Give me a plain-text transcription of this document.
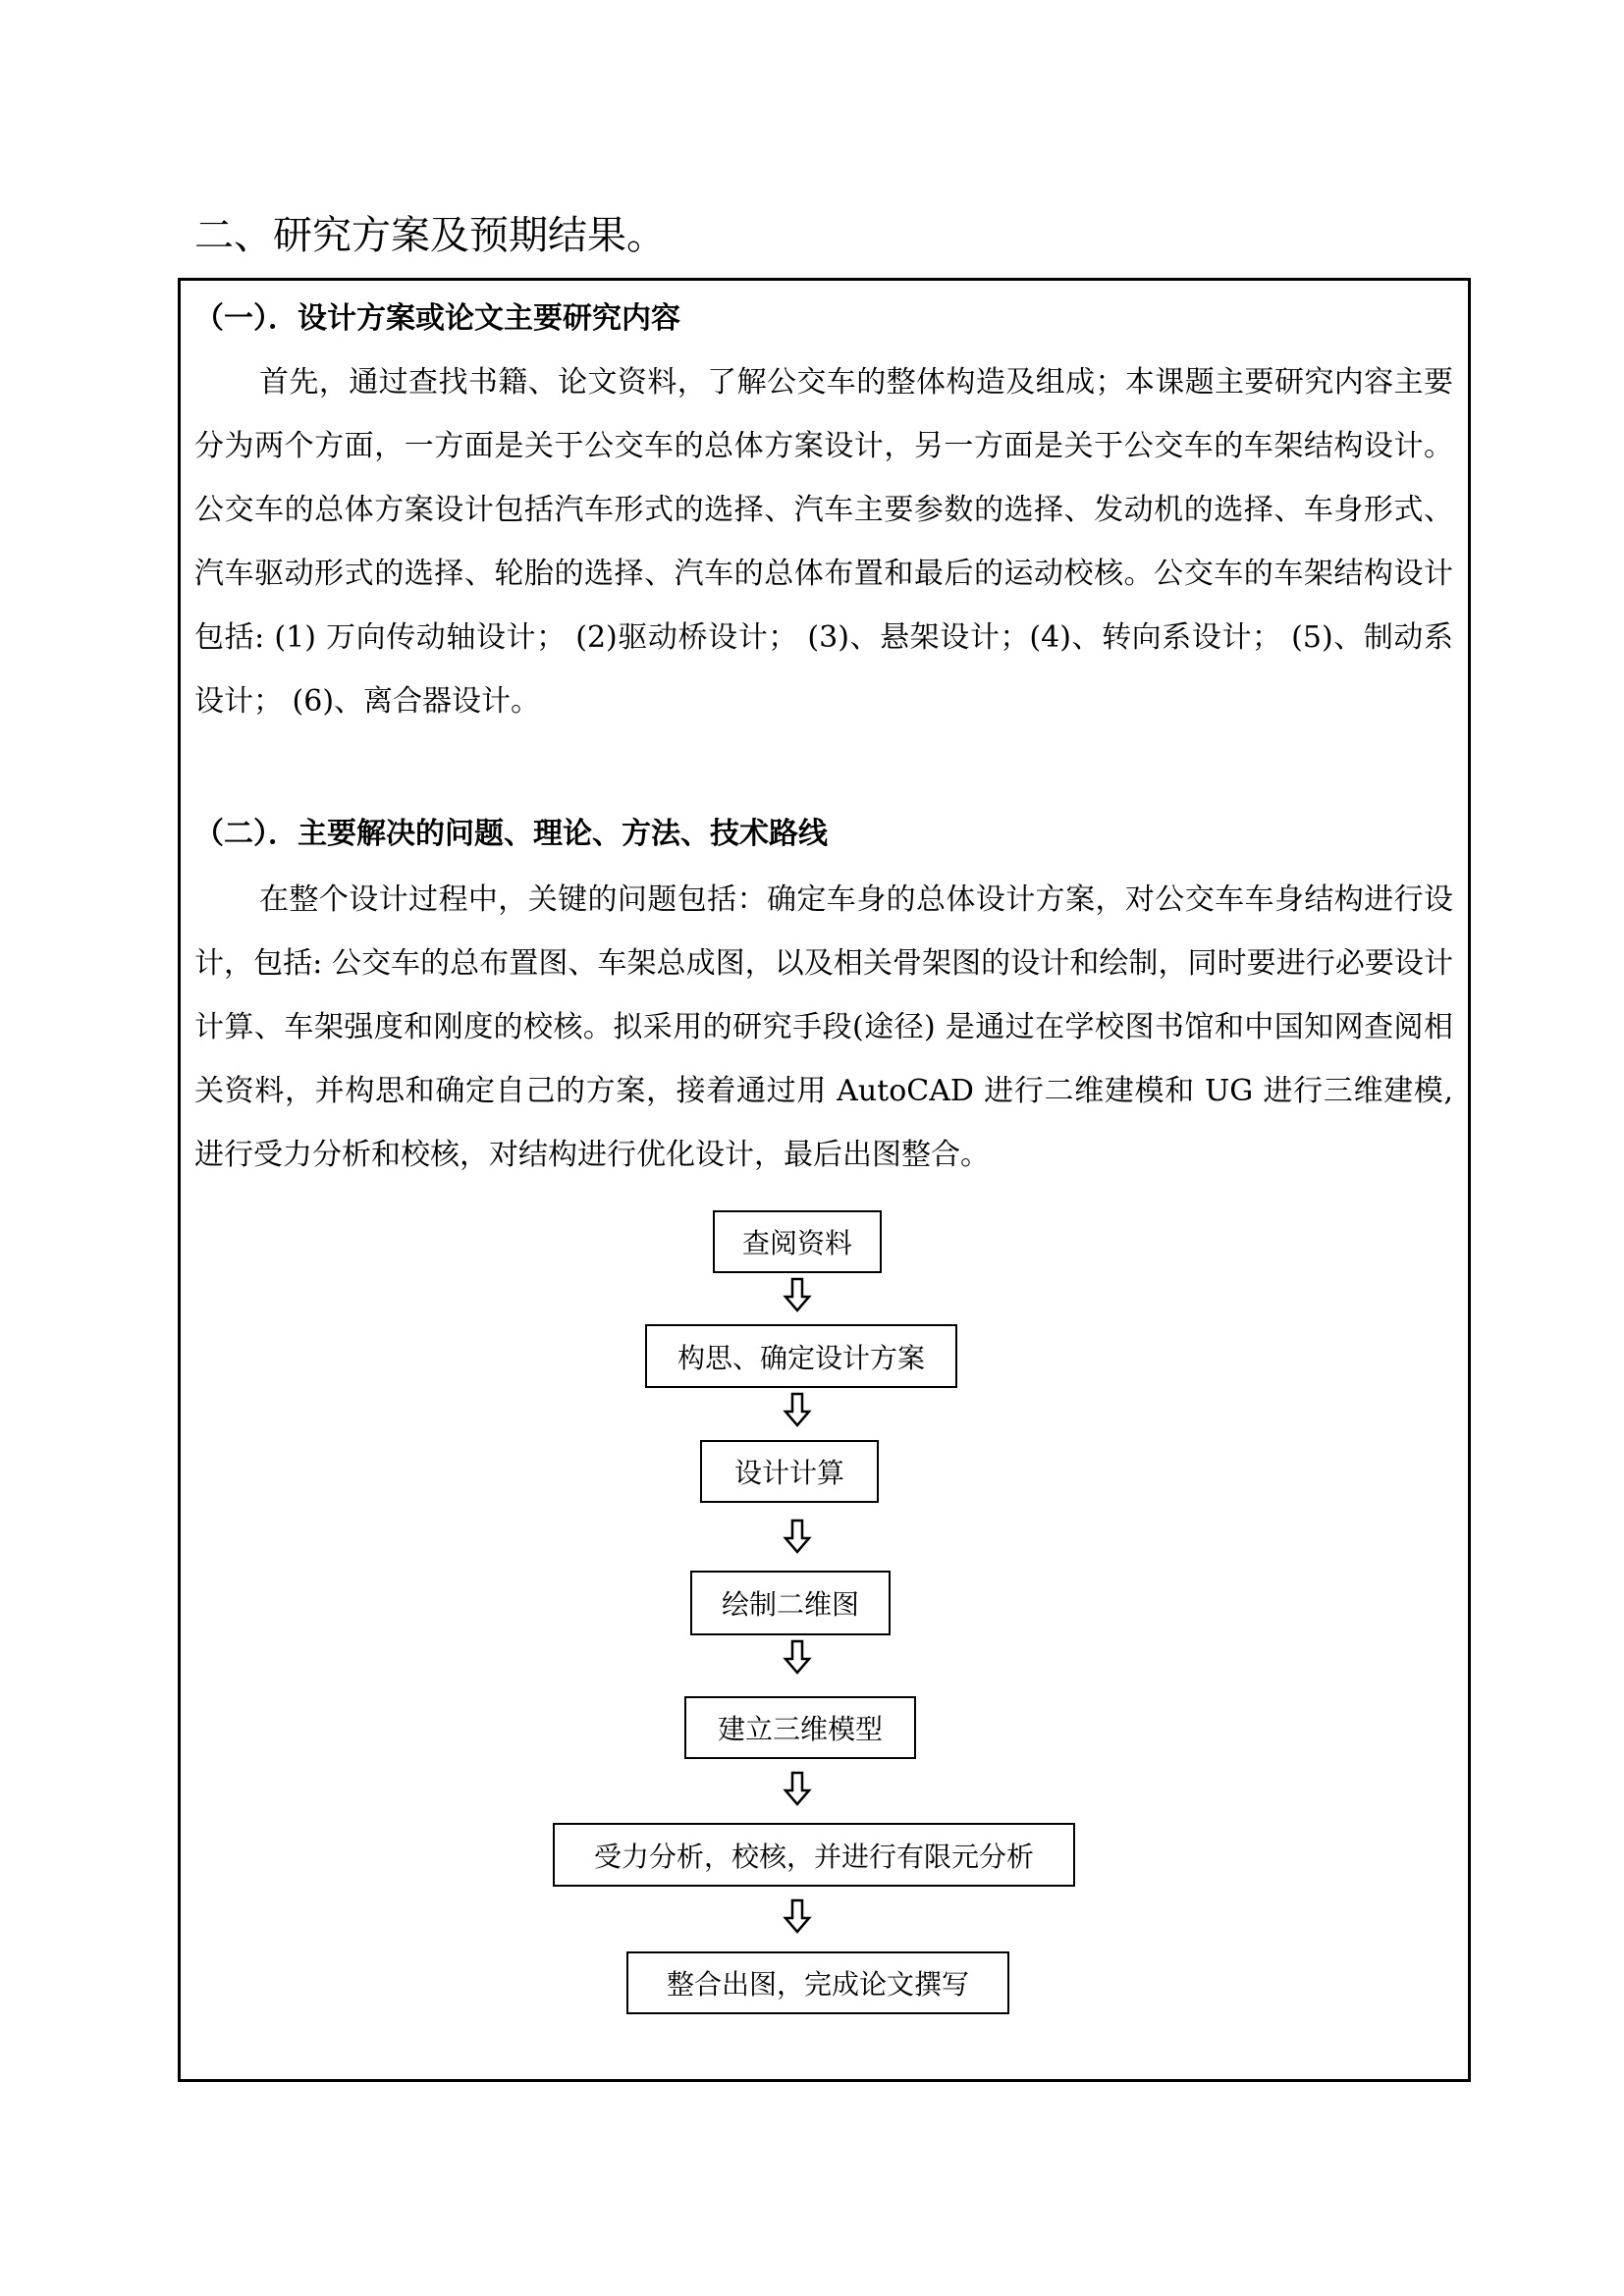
二、研究方案及预期结果。
（一）．设计方案或论文主要研究内容

首先，通过查找书籍、论文资料，了解公交车的整体构造及组成；本课题主要研究内容主要分为两个方面，一方面是关于公交车的总体方案设计，另一方面是关于公交车的车架结构设计。公交车的总体方案设计包括汽车形式的选择、汽车主要参数的选择、发动机的选择、车身形式、汽车驱动形式的选择、轮胎的选择、汽车的总体布置和最后的运动校核。公交车的车架结构设计包括: (1) 万向传动轴设计； (2)驱动桥设计； (3)、悬架设计；(4)、转向系设计； (5)、制动系设计； (6)、离合器设计。

（二）．主要解决的问题、理论、方法、技术路线

在整个设计过程中，关键的问题包括：确定车身的总体设计方案，对公交车车身结构进行设计，包括: 公交车的总布置图、车架总成图，以及相关骨架图的设计和绘制，同时要进行必要设计计算、车架强度和刚度的校核。拟采用的研究手段(途径) 是通过在学校图书馆和中国知网查阅相关资料，并构思和确定自己的方案，接着通过用 AutoCAD 进行二维建模和 UG 进行三维建模, 进行受力分析和校核，对结构进行优化设计，最后出图整合。

查阅资料
构思、确定设计方案
设计计算
绘制二维图
建立三维模型
受力分析，校核，并进行有限元分析
整合出图，完成论文撰写
